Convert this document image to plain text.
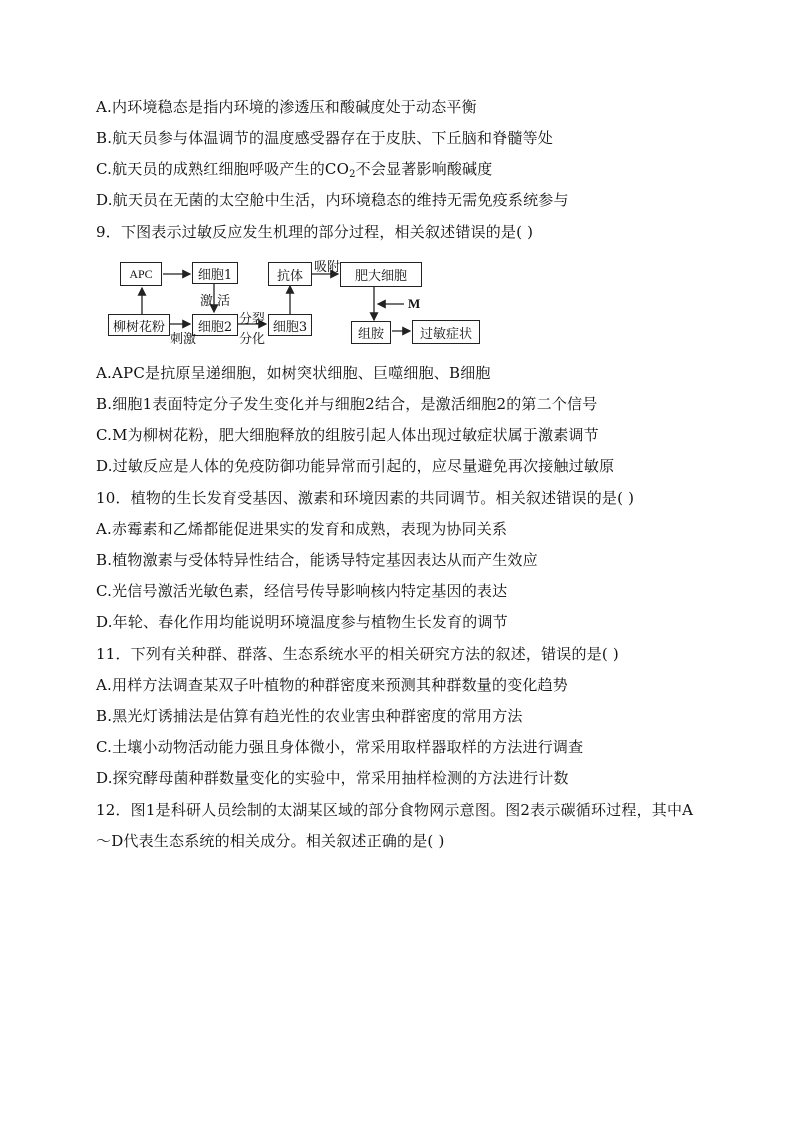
A.内环境稳态是指内环境的渗透压和酸碱度处于动态平衡
B.航天员参与体温调节的温度感受器存在于皮肤、下丘脑和脊髓等处
C.航天员的成熟红细胞呼吸产生的$CO_2$不会显著影响酸碱度
D.航天员在无菌的太空舱中生活，内环境稳态的维持无需免疫系统参与
9．下图表示过敏反应发生机理的部分过程，相关叙述错误的是( )
APC	细胞1
柳树花粉	细胞2	细胞3
抗体	肥大细胞
组胺	过敏症状
激 活
刺激
分裂
分化
吸附
M
A.APC是抗原呈递细胞，如树突状细胞、巨噬细胞、B细胞
B.细胞1表面特定分子发生变化并与细胞2结合，是激活细胞2的第二个信号
C.M为柳树花粉，肥大细胞释放的组胺引起人体出现过敏症状属于激素调节
D.过敏反应是人体的免疫防御功能异常而引起的，应尽量避免再次接触过敏原
10．植物的生长发育受基因、激素和环境因素的共同调节。相关叙述错误的是( )
A.赤霉素和乙烯都能促进果实的发育和成熟，表现为协同关系
B.植物激素与受体特异性结合，能诱导特定基因表达从而产生效应
C.光信号激活光敏色素，经信号传导影响核内特定基因的表达
D.年轮、春化作用均能说明环境温度参与植物生长发育的调节
11．下列有关种群、群落、生态系统水平的相关研究方法的叙述，错误的是( )
A.用样方法调查某双子叶植物的种群密度来预测其种群数量的变化趋势
B.黑光灯诱捕法是估算有趋光性的农业害虫种群密度的常用方法
C.土壤小动物活动能力强且身体微小，常采用取样器取样的方法进行调查
D.探究酵母菌种群数量变化的实验中，常采用抽样检测的方法进行计数
12．图1是科研人员绘制的太湖某区域的部分食物网示意图。图2表示碳循环过程，其中A～D代表生态系统的相关成分。相关叙述正确的是( )
